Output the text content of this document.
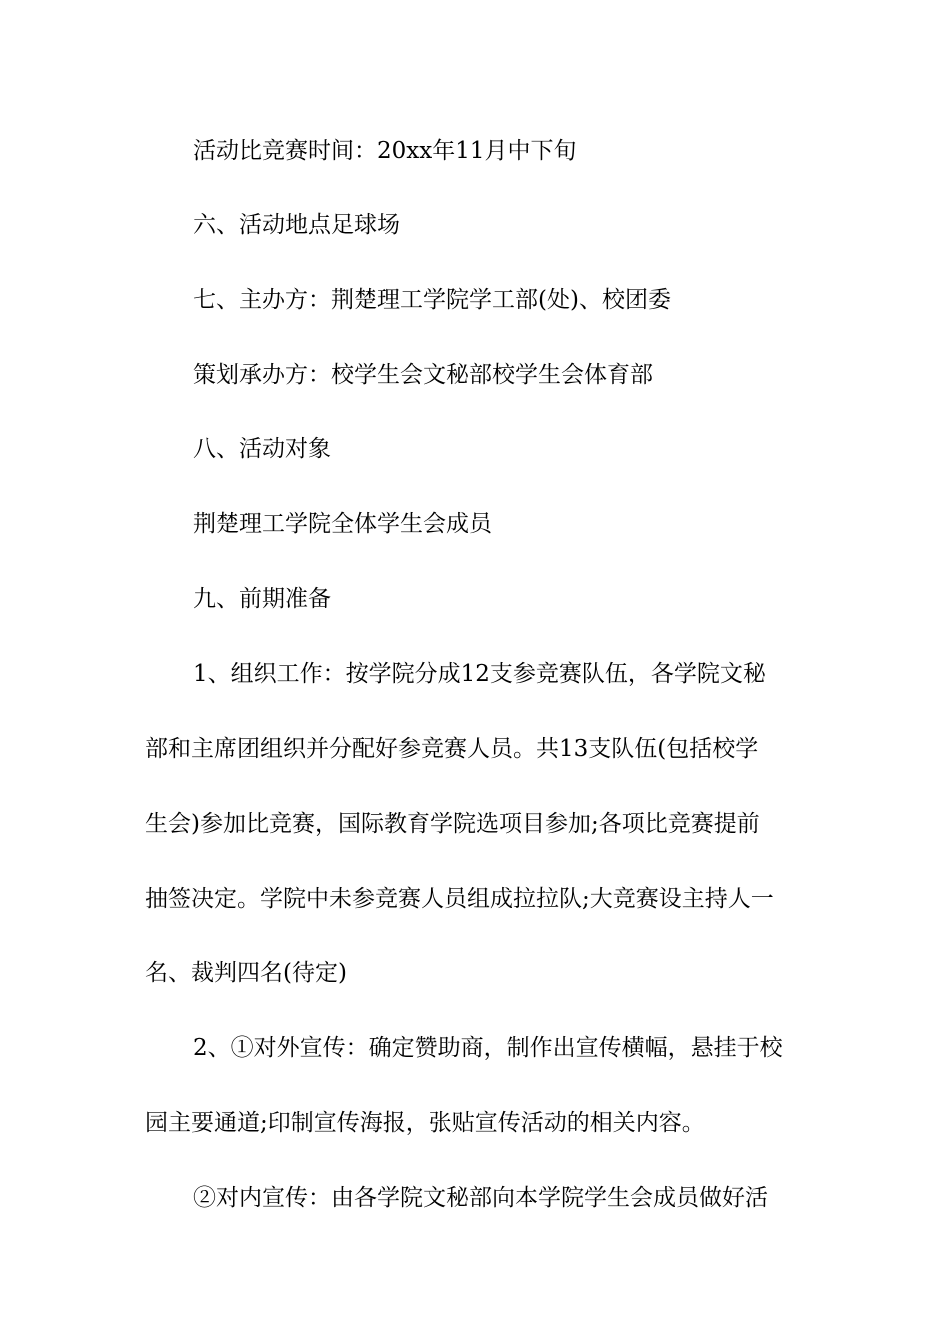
活动比竞赛时间：20xx年11月中下旬

六、活动地点足球场

七、主办方：荆楚理工学院学工部(处)、校团委

策划承办方：校学生会文秘部校学生会体育部

八、活动对象

荆楚理工学院全体学生会成员

九、前期准备

1、组织工作：按学院分成12支参竞赛队伍，各学院文秘

部和主席团组织并分配好参竞赛人员。共13支队伍(包括校学

生会)参加比竞赛，国际教育学院选项目参加;各项比竞赛提前

抽签决定。学院中未参竞赛人员组成拉拉队;大竞赛设主持人一

名、裁判四名(待定)

2、①对外宣传：确定赞助商，制作出宣传横幅，悬挂于校

园主要通道;印制宣传海报，张贴宣传活动的相关内容。

②对内宣传：由各学院文秘部向本学院学生会成员做好活
